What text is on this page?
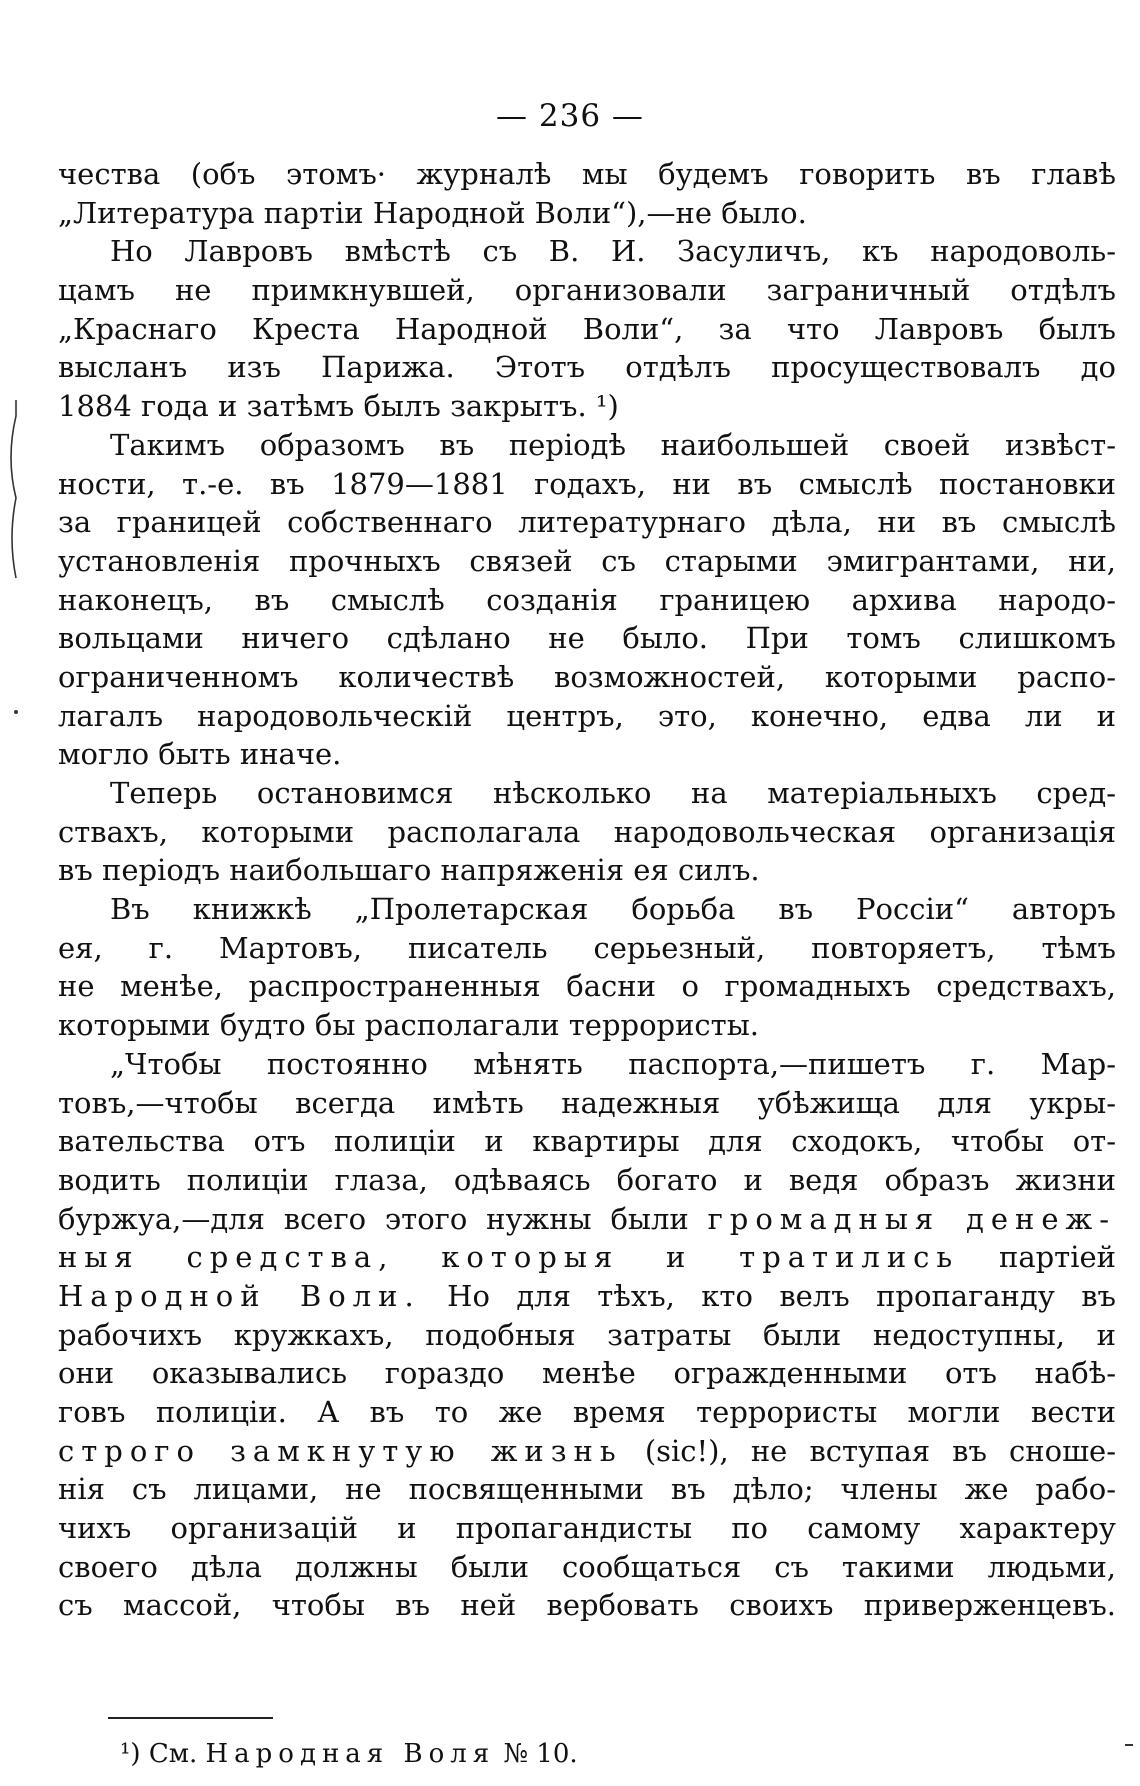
— 236 —
чества (объ этомъ· журналѣ мы будемъ говорить въ главѣ
„Литература партіи Народной Воли“),—не было.
Но Лавровъ вмѣстѣ съ В. И. Засуличъ, къ народоволь-
цамъ не примкнувшей, организовали заграничный отдѣлъ
„Краснаго Креста Народной Воли“, за что Лавровъ былъ
высланъ изъ Парижа. Этотъ отдѣлъ просуществовалъ до
1884 года и затѣмъ былъ закрытъ. ¹)
Такимъ образомъ въ періодѣ наибольшей своей извѣст-
ности, т.-е. въ 1879—1881 годахъ, ни въ смыслѣ постановки
за границей собственнаго литературнаго дѣла, ни въ смыслѣ
установленія прочныхъ связей съ старыми эмигрантами, ни,
наконецъ, въ смыслѣ созданія границею архива народо-
вольцами ничего сдѣлано не было. При томъ слишкомъ
ограниченномъ количествѣ возможностей, которыми распо-
лагалъ народовольческій центръ, это, конечно, едва ли и
могло быть иначе.
Теперь остановимся нѣсколько на матеріальныхъ сред-
ствахъ, которыми располагала народовольческая организація
въ періодъ наибольшаго напряженія ея силъ.
Въ книжкѣ „Пролетарская борьба въ Россіи“ авторъ
ея, г. Мартовъ, писатель серьезный, повторяетъ, тѣмъ
не менѣе, распространенныя басни о громадныхъ средствахъ,
которыми будто бы располагали террористы.
„Чтобы постоянно мѣнять паспорта,—пишетъ г. Мар-
товъ,—чтобы всегда имѣть надежныя убѣжища для укры-
вательства отъ полиціи и квартиры для сходокъ, чтобы от-
водить полиціи глаза, одѣваясь богато и ведя образъ жизни
буржуа,—для всего этого нужны были громадныя денеж-
ныя средства, которыя и тратились партіей
Народной Воли. Но для тѣхъ, кто велъ пропаганду въ
рабочихъ кружкахъ, подобныя затраты были недоступны, и
они оказывались гораздо менѣе огражденными отъ набѣ-
говъ полиціи. А въ то же время террористы могли вести
строго замкнутую жизнь (sic!), не вступая въ сноше-
нія съ лицами, не посвященными въ дѣло; члены же рабо-
чихъ организацій и пропагандисты по самому характеру
своего дѣла должны были сообщаться съ такими людьми,
съ массой, чтобы въ ней вербовать своихъ приверженцевъ.
¹) См. Народная Воля № 10.
